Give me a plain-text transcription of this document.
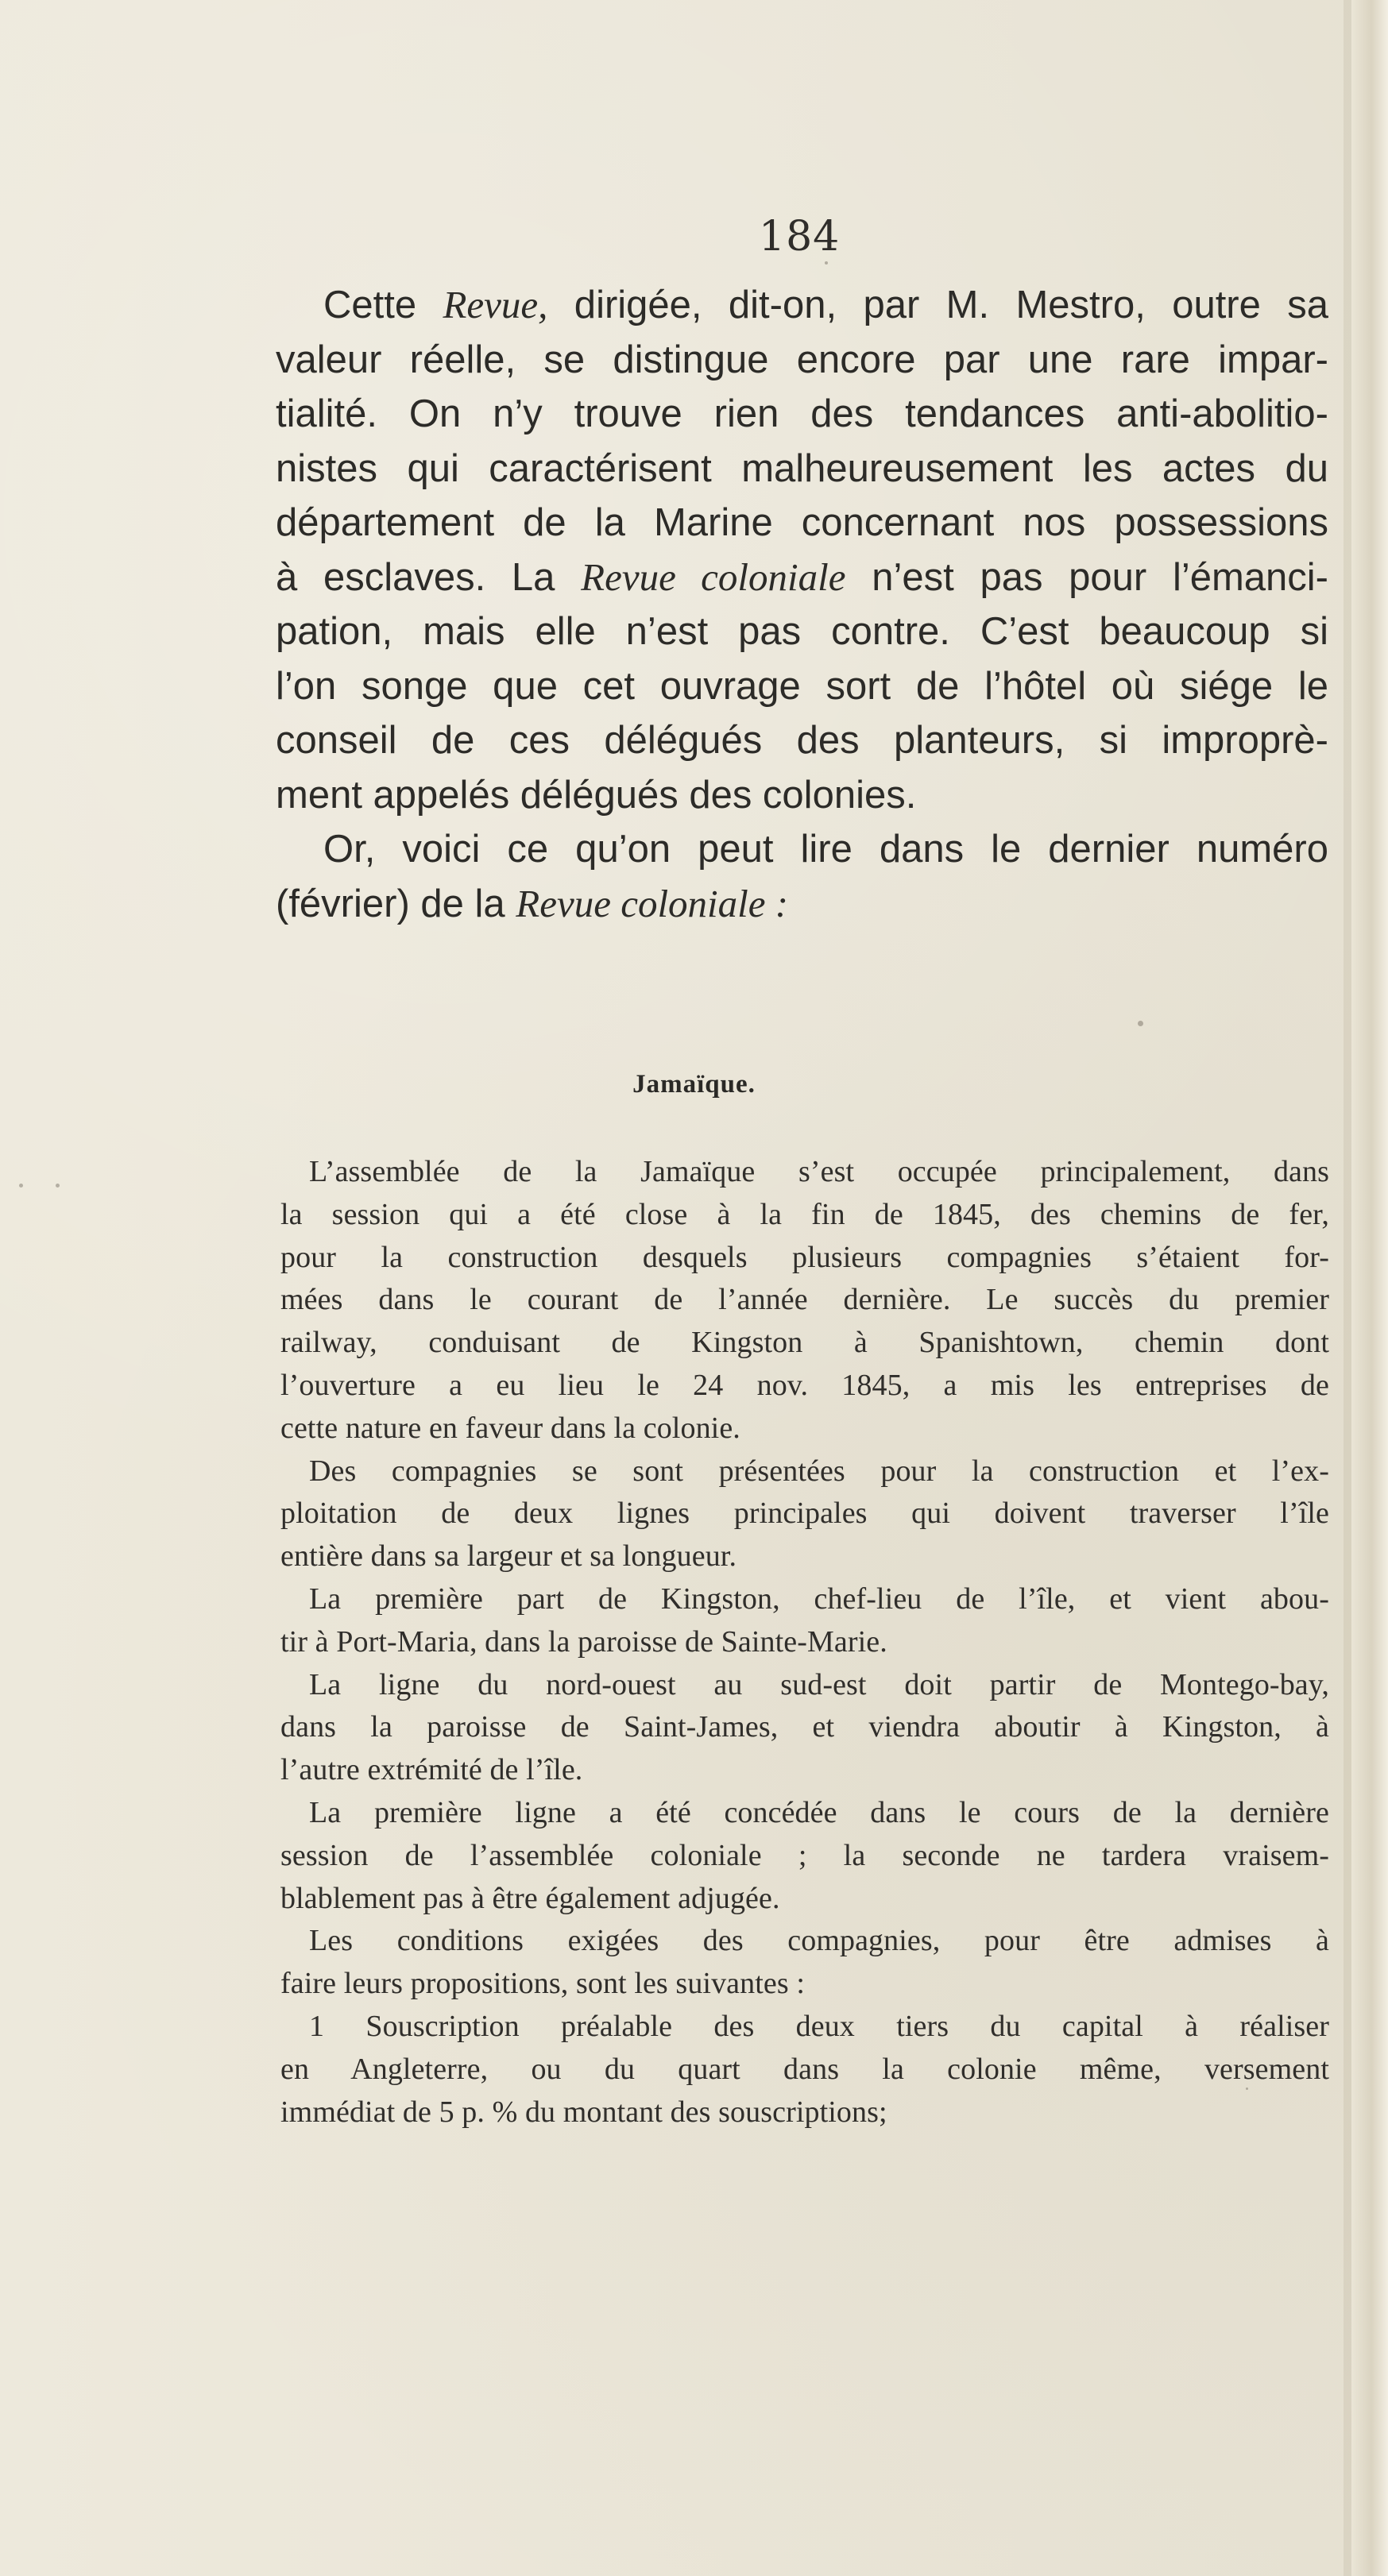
184
Cette Revue, dirigée, dit-on, par M. Mestro, outre sa
valeur réelle, se distingue encore par une rare impar-
tialité. On n’y trouve rien des tendances anti-abolitio-
nistes qui caractérisent malheureusement les actes du
département de la Marine concernant nos possessions
à esclaves. La Revue coloniale n’est pas pour l’émanci-
pation, mais elle n’est pas contre. C’est beaucoup si
l’on songe que cet ouvrage sort de l’hôtel où siége le
conseil de ces délégués des planteurs, si improprè-
ment appelés délégués des colonies.
Or, voici ce qu’on peut lire dans le dernier numéro
(février) de la Revue coloniale :
Jamaïque.
L’assemblée de la Jamaïque s’est occupée principalement, dans
la session qui a été close à la fin de 1845, des chemins de fer,
pour la construction desquels plusieurs compagnies s’étaient for-
mées dans le courant de l’année dernière. Le succès du premier
railway, conduisant de Kingston à Spanishtown, chemin dont
l’ouverture a eu lieu le 24 nov. 1845, a mis les entreprises de
cette nature en faveur dans la colonie.
Des compagnies se sont présentées pour la construction et l’ex-
ploitation de deux lignes principales qui doivent traverser l’île
entière dans sa largeur et sa longueur.
La première part de Kingston, chef-lieu de l’île, et vient abou-
tir à Port-Maria, dans la paroisse de Sainte-Marie.
La ligne du nord-ouest au sud-est doit partir de Montego-bay,
dans la paroisse de Saint-James, et viendra aboutir à Kingston, à
l’autre extrémité de l’île.
La première ligne a été concédée dans le cours de la dernière
session de l’assemblée coloniale ; la seconde ne tardera vraisem-
blablement pas à être également adjugée.
Les conditions exigées des compagnies, pour être admises à
faire leurs propositions, sont les suivantes :
1 Souscription préalable des deux tiers du capital à réaliser
en Angleterre, ou du quart dans la colonie même, versement
immédiat de 5 p. % du montant des souscriptions;
